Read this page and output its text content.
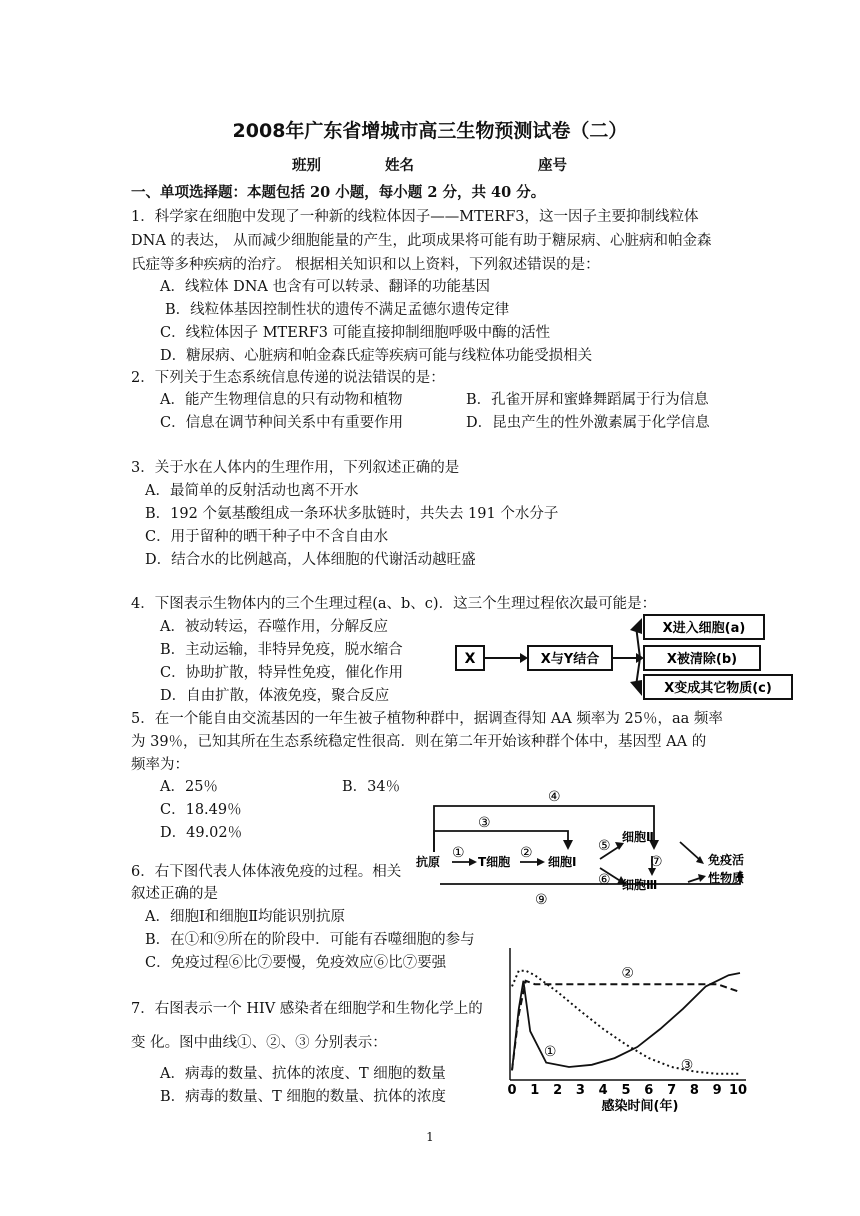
2008年广东省增城市高三生物预测试卷（二）
班别	姓名	座号
一、单项选择题：本题包括 20 小题，每小题 2 分，共 40 分。
1．科学家在细胞中发现了一种新的线粒体因子——MTERF3，这一因子主要抑制线粒体
DNA 的表达， 从而减少细胞能量的产生，此项成果将可能有助于糖尿病、心脏病和帕金森
氏症等多种疾病的治疗。 根据相关知识和以上资料，下列叙述错误的是：
A．线粒体 DNA 也含有可以转录、翻译的功能基因
B．线粒体基因控制性状的遗传不满足孟德尔遗传定律
C．线粒体因子 MTERF3 可能直接抑制细胞呼吸中酶的活性
D．糖尿病、心脏病和帕金森氏症等疾病可能与线粒体功能受损相关
2．下列关于生态系统信息传递的说法错误的是：
A．能产生物理信息的只有动物和植物	B．孔雀开屏和蜜蜂舞蹈属于行为信息
C．信息在调节种间关系中有重要作用	D．昆虫产生的性外激素属于化学信息
3．关于水在人体内的生理作用，下列叙述正确的是
A．最简单的反射活动也离不开水
B．192 个氨基酸组成一条环状多肽链时，共失去 191 个水分子
C．用于留种的晒干种子中不含自由水
D．结合水的比例越高，人体细胞的代谢活动越旺盛
4．下图表示生物体内的三个生理过程(a、b、c)．这三个生理过程依次最可能是：
A．被动转运，吞噬作用，分解反应
B．主动运输，非特异免疫，脱水缩合
C．协助扩散，特异性免疫，催化作用
D．自由扩散，体液免疫，聚合反应
X	X与Y结合
X进入细胞(a)
X被清除(b)
X变成其它物质(c)
5．在一个能自由交流基因的一年生被子植物种群中，据调查得知 AA 频率为 25％，aa 频率
为 39％，已知其所在生态系统稳定性很高．则在第二年开始该种群个体中，基因型 AA 的
频率为：
A．25％	B．34％
C．18.49％
D．49.02％
抗原	T细胞	细胞Ⅰ
细胞Ⅱ
细胞Ⅲ
免疫活
性物质
④
③
①	②	⑤
⑥
⑦
⑨
6．右下图代表人体体液免疫的过程。相关
叙述正确的是
A．细胞Ⅰ和细胞Ⅱ均能识别抗原
B．在①和⑨所在的阶段中．可能有吞噬细胞的参与
C．免疫过程⑥比⑦要慢，免疫效应⑥比⑦要强
7．右图表示一个 HIV 感染者在细胞学和生物化学上的
变 化。图中曲线①、②、③ 分别表示：
A．病毒的数量、抗体的浓度、T 细胞的数量
B．病毒的数量、T 细胞的数量、抗体的浓度
①
②
③
0 1 2 3 4 5 6 7 8 9 10
感染时间(年)
1
